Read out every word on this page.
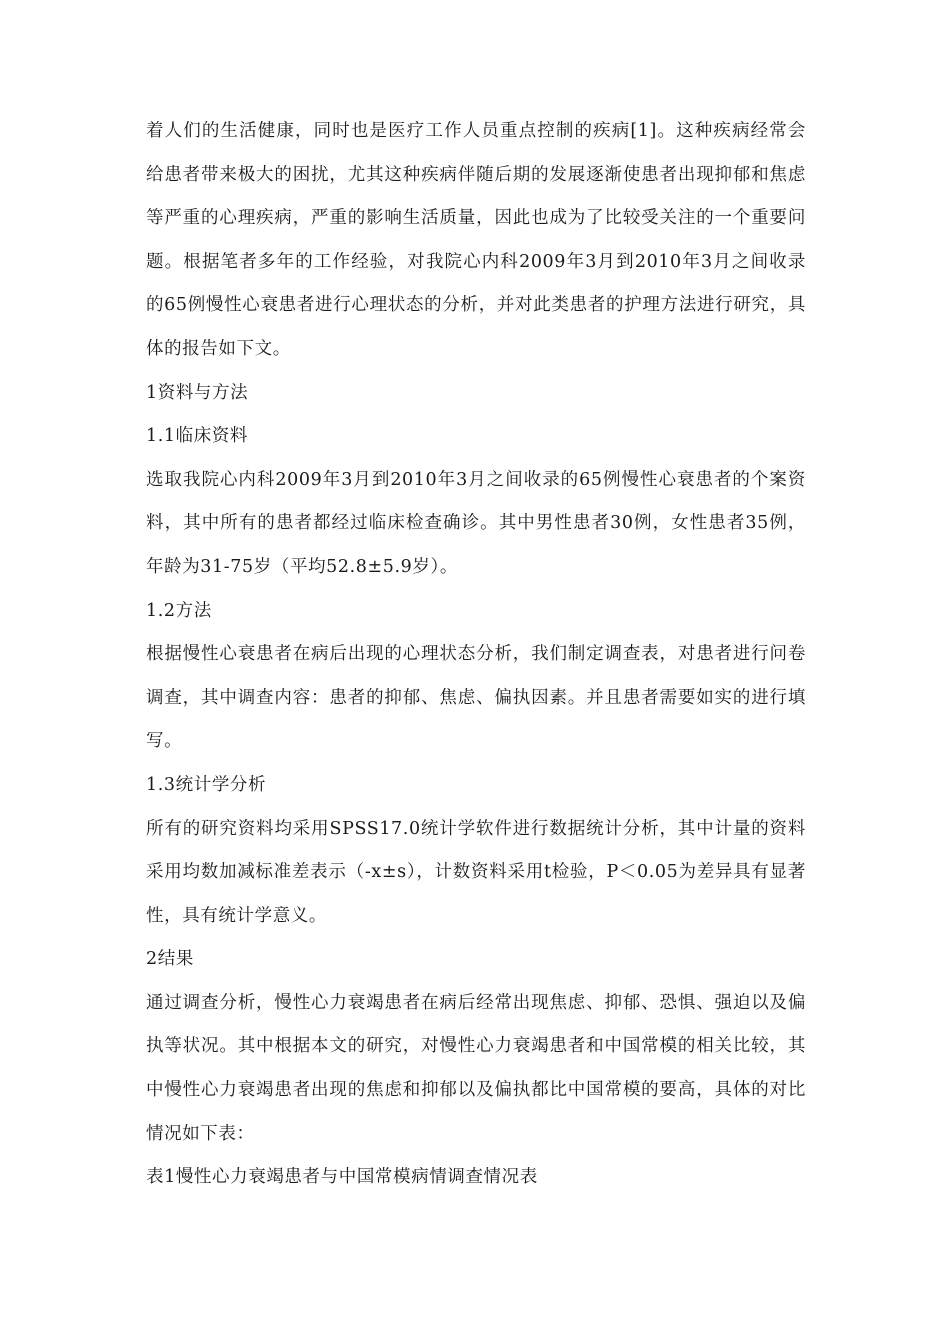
着人们的生活健康，同时也是医疗工作人员重点控制的疾病[1]。这种疾病经常会给患者带来极大的困扰，尤其这种疾病伴随后期的发展逐渐使患者出现抑郁和焦虑等严重的心理疾病，严重的影响生活质量，因此也成为了比较受关注的一个重要问题。根据笔者多年的工作经验，对我院心内科2009年3月到2010年3月之间收录的65例慢性心衰患者进行心理状态的分析，并对此类患者的护理方法进行研究，具体的报告如下文。

1资料与方法

1.1临床资料

选取我院心内科2009年3月到2010年3月之间收录的65例慢性心衰患者的个案资料，其中所有的患者都经过临床检查确诊。其中男性患者30例，女性患者35例，年龄为31-75岁（平均52.8±5.9岁）。

1.2方法

根据慢性心衰患者在病后出现的心理状态分析，我们制定调查表，对患者进行问卷调查，其中调查内容：患者的抑郁、焦虑、偏执因素。并且患者需要如实的进行填写。

1.3统计学分析

所有的研究资料均采用SPSS17.0统计学软件进行数据统计分析，其中计量的资料采用均数加减标准差表示（-x±s），计数资料采用t检验，P＜0.05为差异具有显著性，具有统计学意义。

2结果

通过调查分析，慢性心力衰竭患者在病后经常出现焦虑、抑郁、恐惧、强迫以及偏执等状况。其中根据本文的研究，对慢性心力衰竭患者和中国常模的相关比较，其中慢性心力衰竭患者出现的焦虑和抑郁以及偏执都比中国常模的要高，具体的对比情况如下表：

表1慢性心力衰竭患者与中国常模病情调查情况表
